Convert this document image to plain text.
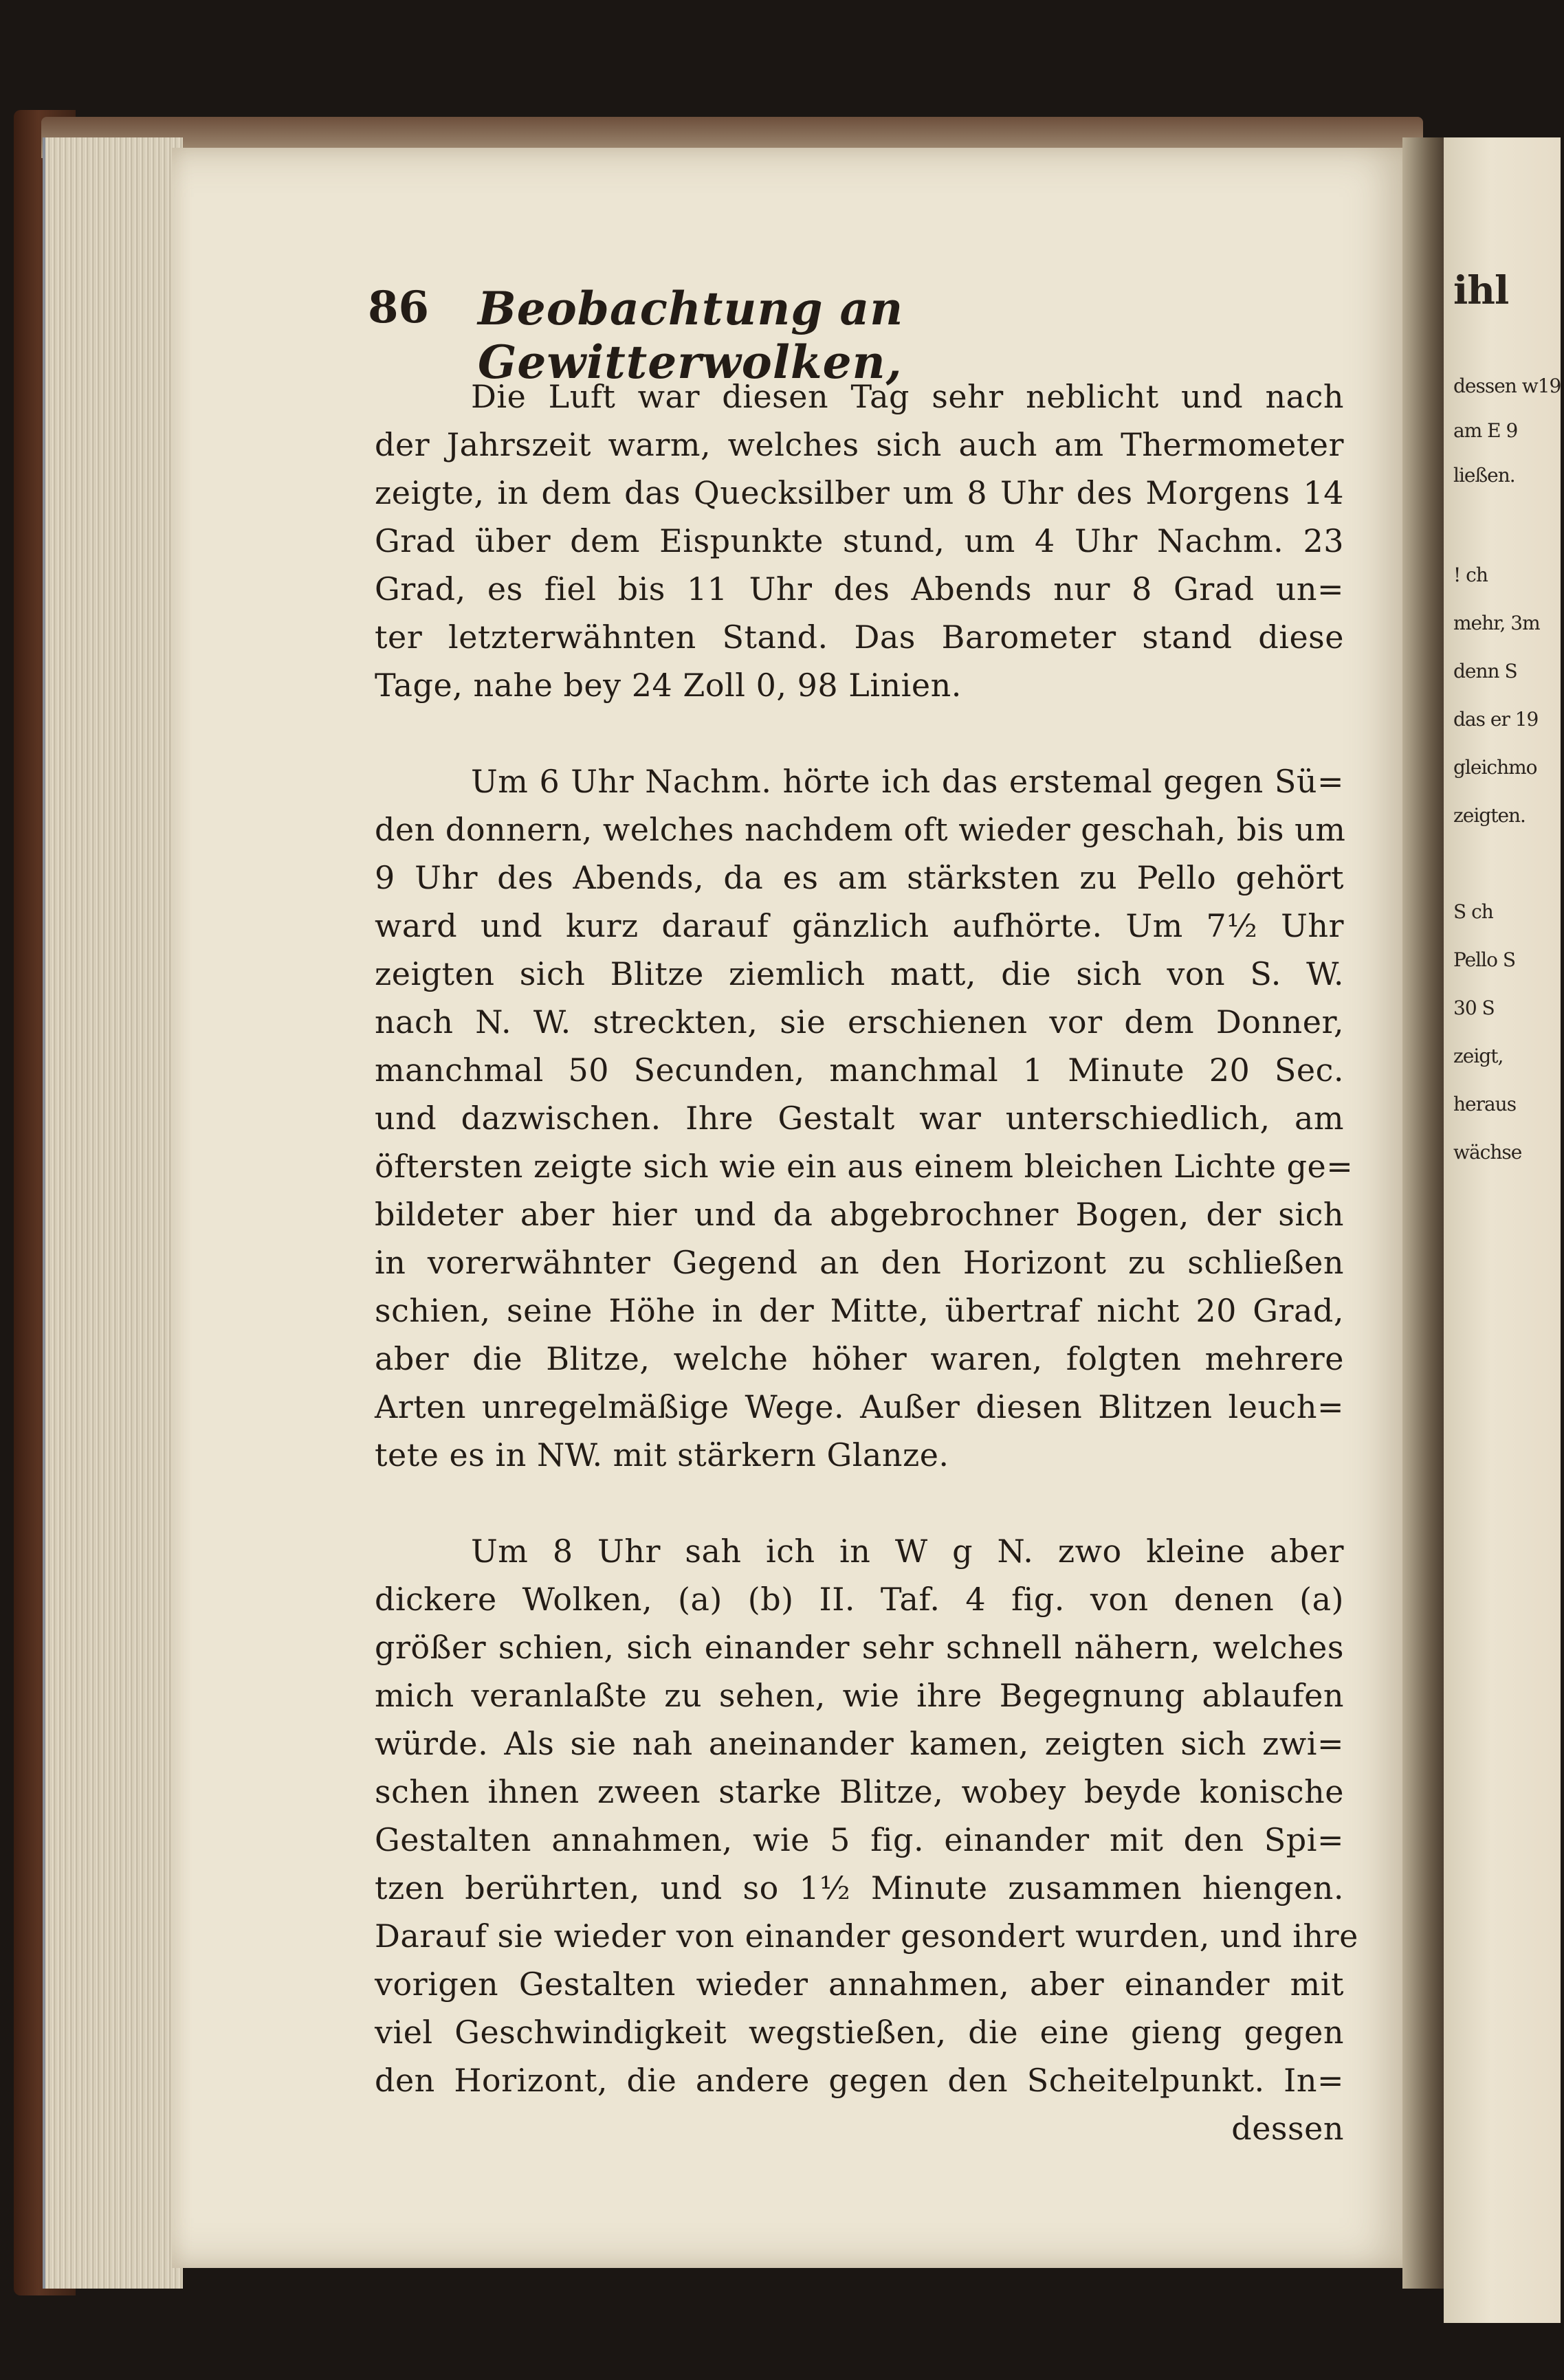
ihl
dessen w19
am E 9
ließen.
! ch
mehr, 3m
denn S
das er 19
gleichmo
zeigten.
S ch
Pello S
30 S
zeigt,
heraus
wächse
86 Beobachtung an Gewitterwolken,
Die Luft war diesen Tag sehr neblicht und nach
der Jahrszeit warm, welches sich auch am Thermometer
zeigte, in dem das Quecksilber um 8 Uhr des Morgens 14
Grad über dem Eispunkte stund, um 4 Uhr Nachm. 23
Grad, es fiel bis 11 Uhr des Abends nur 8 Grad un=
ter letzterwähnten Stand. Das Barometer stand diese
Tage, nahe bey 24 Zoll 0, 98 Linien.
Um 6 Uhr Nachm. hörte ich das erstemal gegen Sü=
den donnern, welches nachdem oft wieder geschah, bis um
9 Uhr des Abends, da es am stärksten zu Pello gehört
ward und kurz darauf gänzlich aufhörte. Um 7½ Uhr
zeigten sich Blitze ziemlich matt, die sich von S. W.
nach N. W. streckten, sie erschienen vor dem Donner,
manchmal 50 Secunden, manchmal 1 Minute 20 Sec.
und dazwischen. Ihre Gestalt war unterschiedlich, am
öftersten zeigte sich wie ein aus einem bleichen Lichte ge=
bildeter aber hier und da abgebrochner Bogen, der sich
in vorerwähnter Gegend an den Horizont zu schließen
schien, seine Höhe in der Mitte, übertraf nicht 20 Grad,
aber die Blitze, welche höher waren, folgten mehrere
Arten unregelmäßige Wege. Außer diesen Blitzen leuch=
tete es in NW. mit stärkern Glanze.
Um 8 Uhr sah ich in W g N. zwo kleine aber
dickere Wolken, (a) (b) II. Taf. 4 fig. von denen (a)
größer schien, sich einander sehr schnell nähern, welches
mich veranlaßte zu sehen, wie ihre Begegnung ablaufen
würde. Als sie nah aneinander kamen, zeigten sich zwi=
schen ihnen zween starke Blitze, wobey beyde konische
Gestalten annahmen, wie 5 fig. einander mit den Spi=
tzen berührten, und so 1½ Minute zusammen hiengen.
Darauf sie wieder von einander gesondert wurden, und ihre
vorigen Gestalten wieder annahmen, aber einander mit
viel Geschwindigkeit wegstießen, die eine gieng gegen
den Horizont, die andere gegen den Scheitelpunkt. In=
dessen
